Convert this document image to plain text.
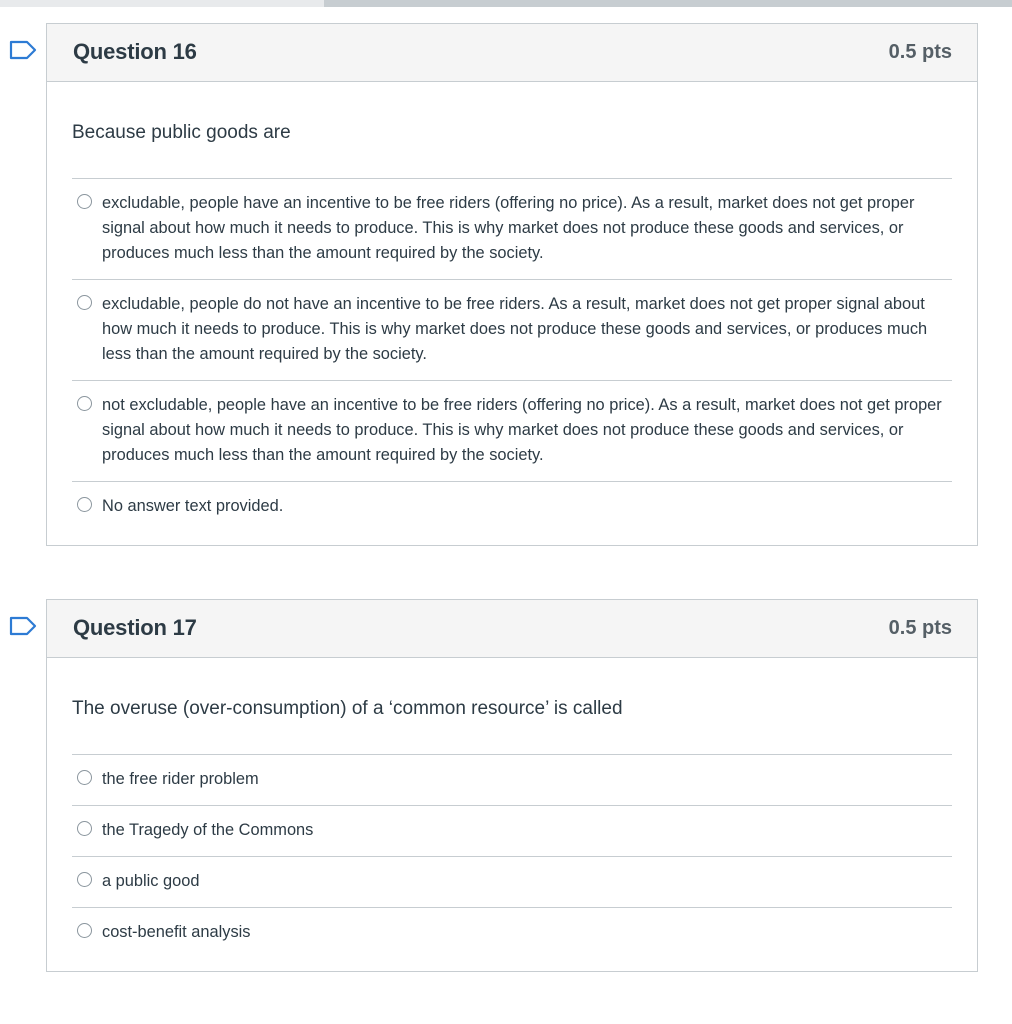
Question 16	0.5 pts
Because public goods are
excludable, people have an incentive to be free riders (offering no price). As a result, market does not get proper signal about how much it needs to produce. This is why market does not produce these goods and services, or produces much less than the amount required by the society.
excludable, people do not have an incentive to be free riders. As a result, market does not get proper signal about how much it needs to produce. This is why market does not produce these goods and services, or produces much less than the amount required by the society.
not excludable, people have an incentive to be free riders (offering no price). As a result, market does not get proper signal about how much it needs to produce. This is why market does not produce these goods and services, or produces much less than the amount required by the society.
No answer text provided.
Question 17	0.5 pts
The overuse (over-consumption) of a ‘common resource’ is called
the free rider problem
the Tragedy of the Commons
a public good
cost-benefit analysis
